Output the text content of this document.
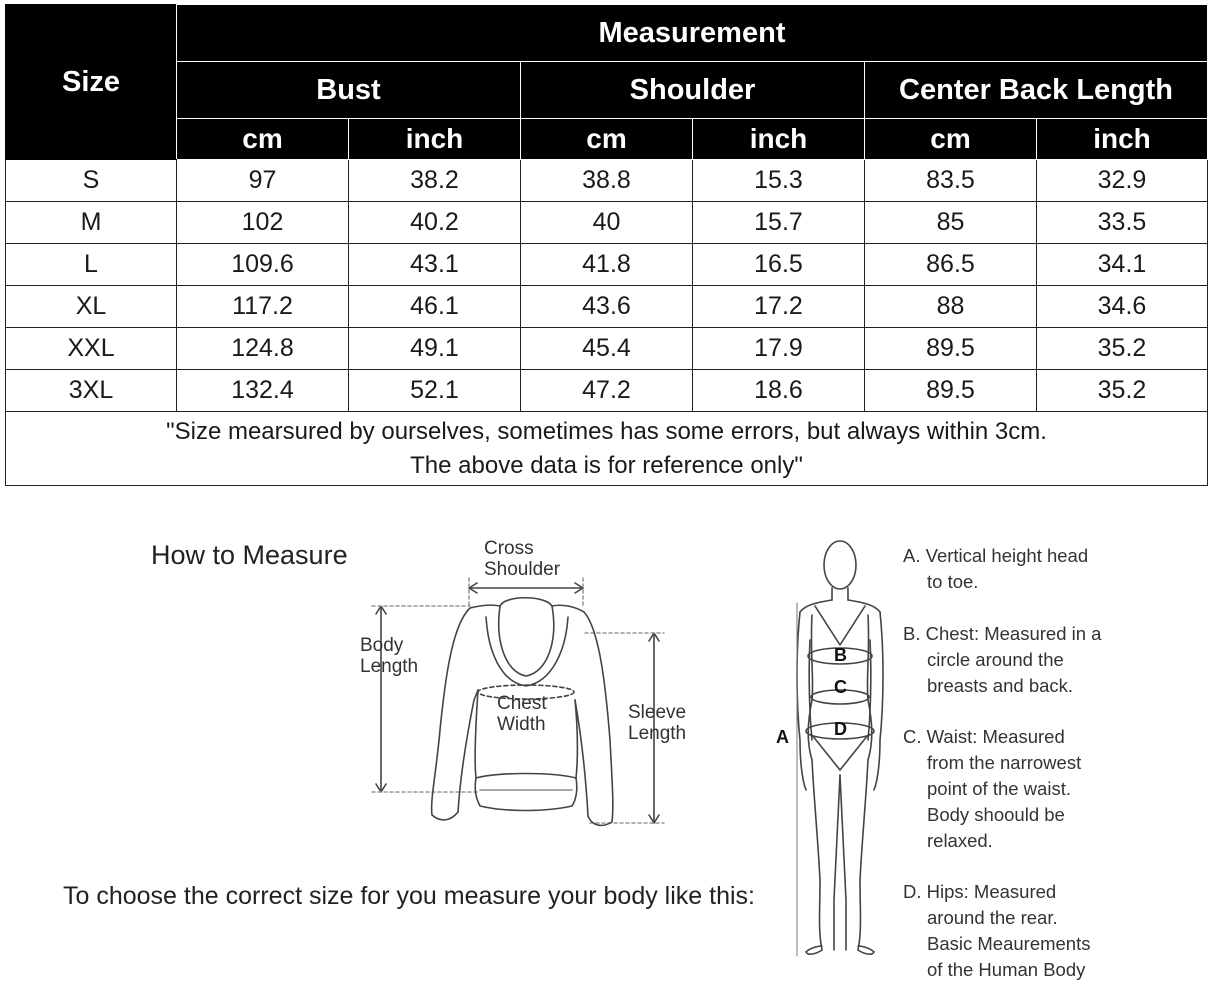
Size	Measurement					
	Bust		Shoulder		Center Back Length	
	cm	inch	cm	inch	cm	inch
S	97	38.2	38.8	15.3	83.5	32.9
M	102	40.2	40	15.7	85	33.5
L	109.6	43.1	41.8	16.5	86.5	34.1
XL	117.2	46.1	43.6	17.2	88	34.6
XXL	124.8	49.1	45.4	17.9	89.5	35.2
3XL	132.4	52.1	47.2	18.6	89.5	35.2

"Size mearsured by ourselves, sometimes has some errors, but always within 3cm.
The above data is for reference only"						
How to Measure	Cross
Shoulder
Body
Length
Chest
Width
Sleeve
Length
To choose the correct size for you measure your body like this:
A
B
C
D
A. Vertical height head
to toe.
B. Chest: Measured in a
circle around the
breasts and back.
C. Waist: Measured
from the narrowest
point of the waist.
Body shoould be
relaxed.
D. Hips: Measured
around the rear.
Basic Meaurements
of the Human Body
